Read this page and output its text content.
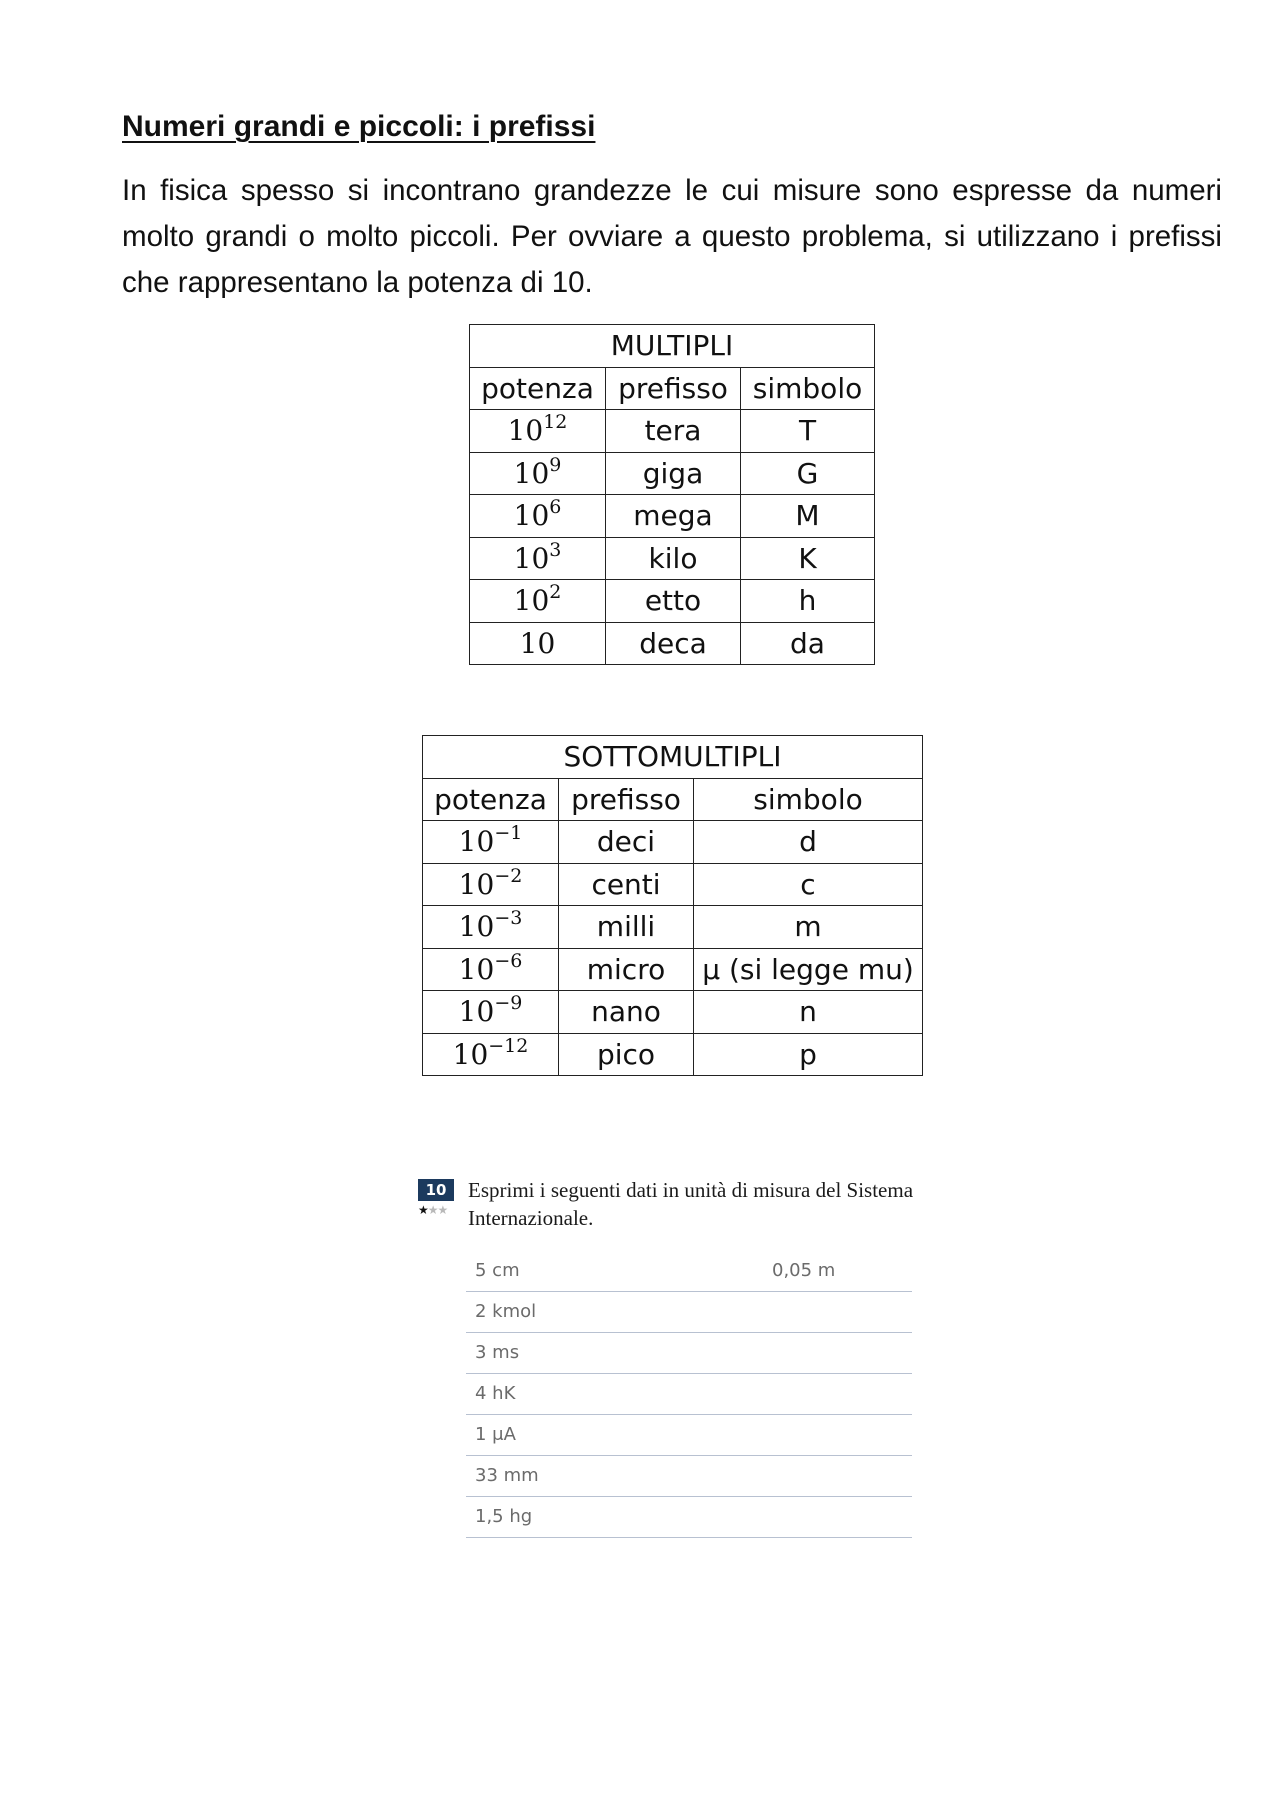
Numeri grandi e piccoli: i prefissi

In fisica spesso si incontrano grandezze le cui misure sono espresse da numeri molto grandi o molto piccoli. Per ovviare a questo problema, si utilizzano i prefissi che rappresentano la potenza di 10.

MULTIPLI		
potenza	prefisso	simbolo
$10^{12}$	tera	T
$10^9$	giga	G
$10^6$	mega	M
$10^3$	kilo	K
$10^2$	etto	h
10	deca	da
SOTTOMULTIPLI		
potenza	prefisso	simbolo
$10^{-1}$	deci	d
$10^{-2}$	centi	c
$10^{-3}$	milli	m
$10^{-6}$	micro	μ (si legge mu)
$10^{-9}$	nano	n
$10^{-12}$	pico	p
10
★★★

Esprimi i seguenti dati in unità di misura del Sistema Internazionale.

5 cm	0,05 m
2 kmol
3 ms
4 hK
1 μA
33 mm
1,5 hg
